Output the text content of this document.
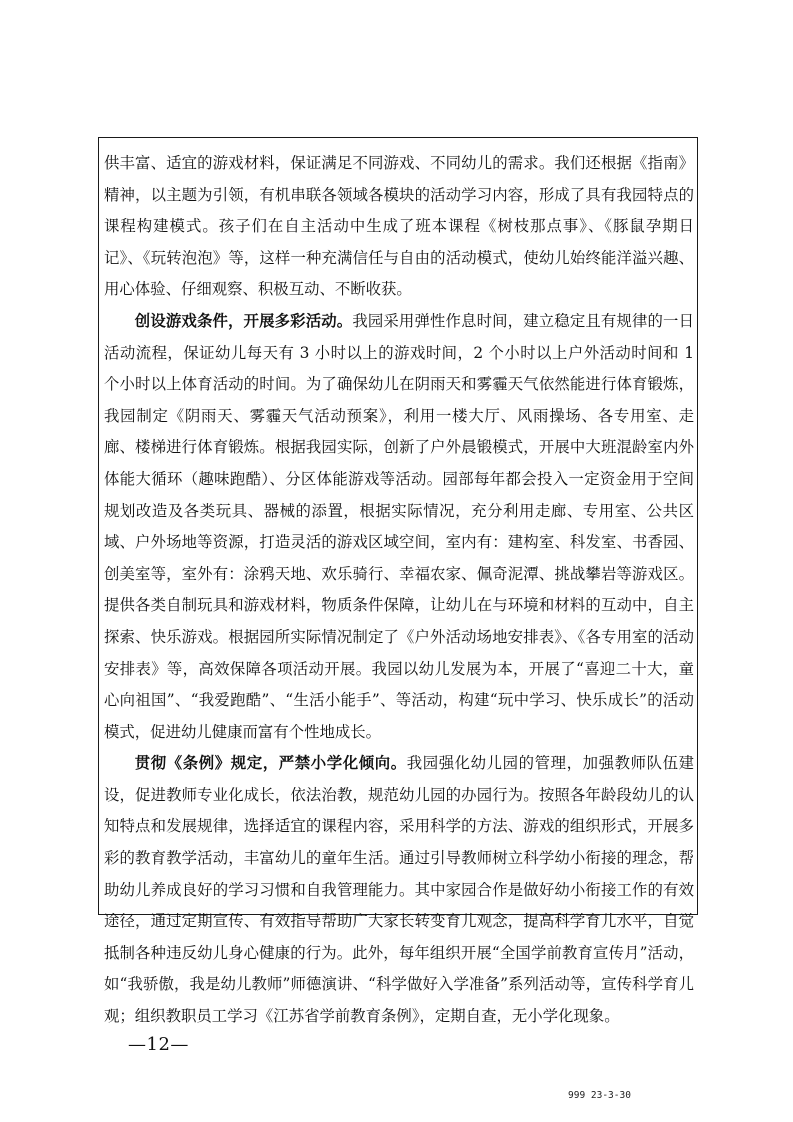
供丰富、适宜的游戏材料，保证满足不同游戏、不同幼儿的需求。我们还根据《指南》精神，以主题为引领，有机串联各领域各模块的活动学习内容，形成了具有我园特点的课程构建模式。孩子们在自主活动中生成了班本课程《树枝那点事》、《豚鼠孕期日记》、《玩转泡泡》等，这样一种充满信任与自由的活动模式，使幼儿始终能洋溢兴趣、用心体验、仔细观察、积极互动、不断收获。

创设游戏条件，开展多彩活动。我园采用弹性作息时间，建立稳定且有规律的一日活动流程，保证幼儿每天有 3 小时以上的游戏时间，2 个小时以上户外活动时间和 1 个小时以上体育活动的时间。为了确保幼儿在阴雨天和雾霾天气依然能进行体育锻炼，我园制定《阴雨天、雾霾天气活动预案》，利用一楼大厅、风雨操场、各专用室、走廊、楼梯进行体育锻炼。根据我园实际，创新了户外晨锻模式，开展中大班混龄室内外体能大循环（趣味跑酷）、分区体能游戏等活动。园部每年都会投入一定资金用于空间规划改造及各类玩具、器械的添置，根据实际情况，充分利用走廊、专用室、公共区域、户外场地等资源，打造灵活的游戏区域空间，室内有：建构室、科发室、书香园、创美室等，室外有：涂鸦天地、欢乐骑行、幸福农家、佩奇泥潭、挑战攀岩等游戏区。提供各类自制玩具和游戏材料，物质条件保障，让幼儿在与环境和材料的互动中，自主探索、快乐游戏。根据园所实际情况制定了《户外活动场地安排表》、《各专用室的活动安排表》等，高效保障各项活动开展。我园以幼儿发展为本，开展了“喜迎二十大，童心向祖国”、“我爱跑酷”、“生活小能手”、等活动，构建“玩中学习、快乐成长”的活动模式，促进幼儿健康而富有个性地成长。

贯彻《条例》规定，严禁小学化倾向。我园强化幼儿园的管理，加强教师队伍建设，促进教师专业化成长，依法治教，规范幼儿园的办园行为。按照各年龄段幼儿的认知特点和发展规律，选择适宜的课程内容，采用科学的方法、游戏的组织形式，开展多彩的教育教学活动，丰富幼儿的童年生活。通过引导教师树立科学幼小衔接的理念，帮助幼儿养成良好的学习习惯和自我管理能力。其中家园合作是做好幼小衔接工作的有效途径，通过定期宣传、有效指导帮助广大家长转变育儿观念，提高科学育儿水平，自觉抵制各种违反幼儿身心健康的行为。此外，每年组织开展“全国学前教育宣传月”活动，如“我骄傲，我是幼儿教师”师德演讲、“科学做好入学准备”系列活动等，宣传科学育儿观；组织教职员工学习《江苏省学前教育条例》，定期自查，无小学化现象。

—12—
999 23-3-30
